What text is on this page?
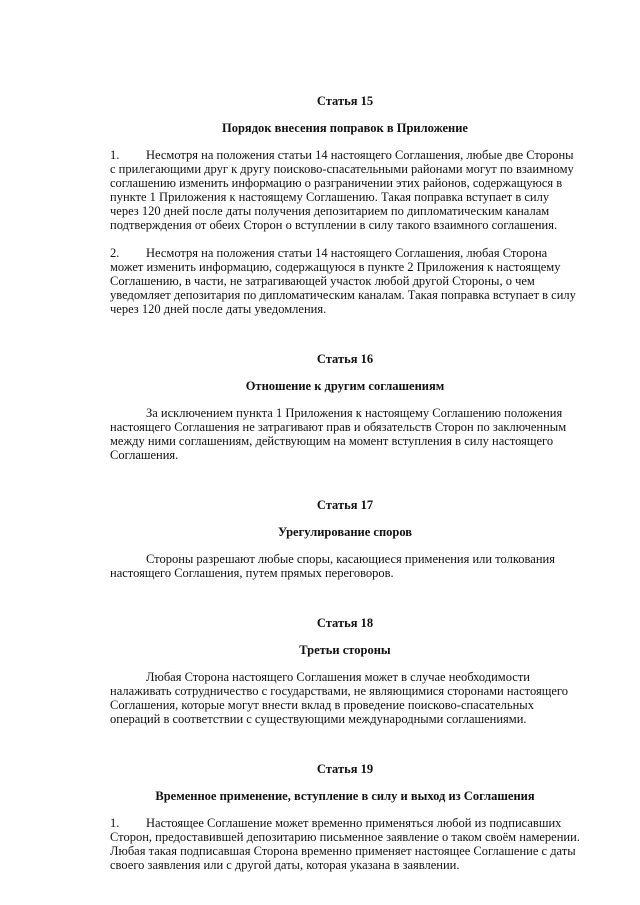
Статья 15

Порядок внесения поправок в Приложение

1. Несмотря на положения статьи 14 настоящего Соглашения, любые две Стороны с прилегающими друг к другу поисково-спасательными районами могут по взаимному соглашению изменить информацию о разграничении этих районов, содержащуюся в пункте 1 Приложения к настоящему Соглашению. Такая поправка вступает в силу через 120 дней после даты получения депозитарием по дипломатическим каналам подтверждения от обеих Сторон о вступлении в силу такого взаимного соглашения.

2. Несмотря на положения статьи 14 настоящего Соглашения, любая Сторона может изменить информацию, содержащуюся в пункте 2 Приложения к настоящему Соглашению, в части, не затрагивающей участок любой другой Стороны, о чем уведомляет депозитария по дипломатическим каналам. Такая поправка вступает в силу через 120 дней после даты уведомления.

Статья 16

Отношение к другим соглашениям

За исключением пункта 1 Приложения к настоящему Соглашению положения настоящего Соглашения не затрагивают прав и обязательств Сторон по заключенным между ними соглашениям, действующим на момент вступления в силу настоящего Соглашения.

Статья 17

Урегулирование споров

Стороны разрешают любые споры, касающиеся применения или толкования настоящего Соглашения, путем прямых переговоров.

Статья 18

Третьи стороны

Любая Сторона настоящего Соглашения может в случае необходимости налаживать сотрудничество с государствами, не являющимися сторонами настоящего Соглашения, которые могут внести вклад в проведение поисково-спасательных операций в соответствии с существующими международными соглашениями.

Статья 19

Временное применение, вступление в силу и выход из Соглашения

1. Настоящее Соглашение может временно применяться любой из подписавших Сторон, предоставившей депозитарию письменное заявление о таком своём намерении. Любая такая подписавшая Сторона временно применяет настоящее Соглашение с даты своего заявления или с другой даты, которая указана в заявлении.
